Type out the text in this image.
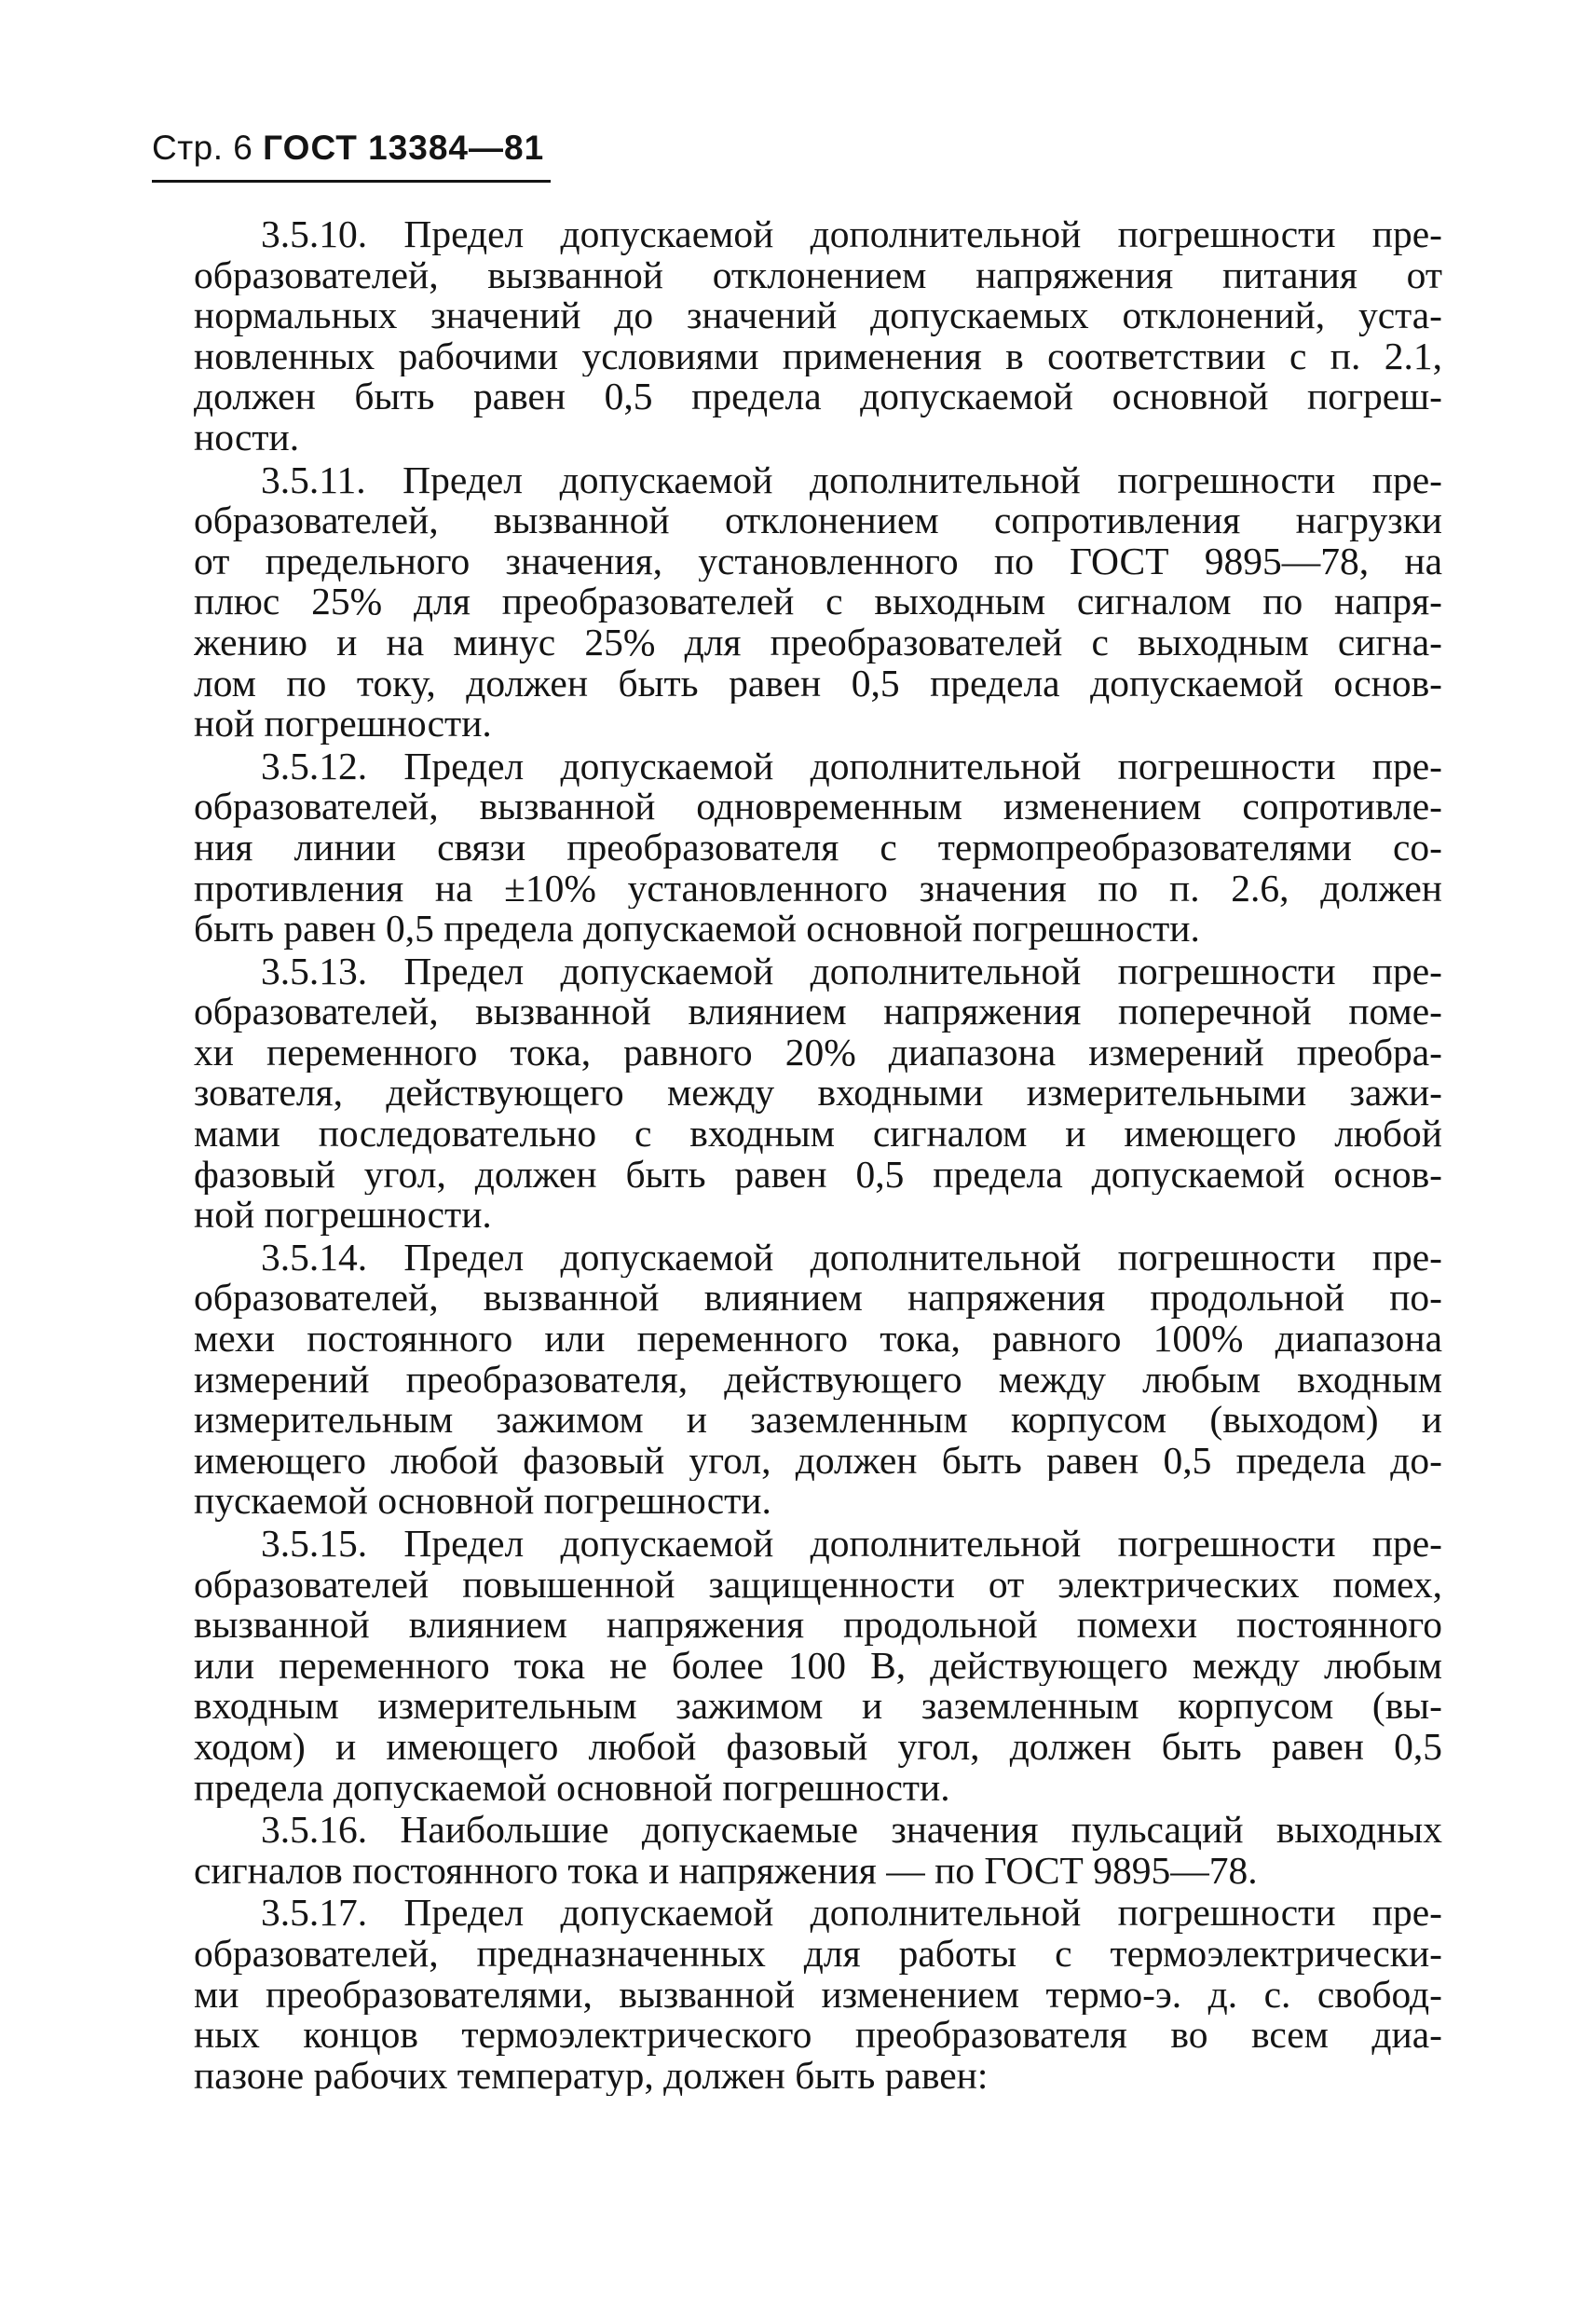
Стр. 6 ГОСТ 13384—81
3.5.10. Предел допускаемой дополнительной погрешности пре-
образователей, вызванной отклонением напряжения питания от
нормальных значений до значений допускаемых отклонений, уста-
новленных рабочими условиями применения в соответствии с п. 2.1,
должен быть равен 0,5 предела допускаемой основной погреш-
ности.
3.5.11. Предел допускаемой дополнительной погрешности пре-
образователей, вызванной отклонением сопротивления нагрузки
от предельного значения, установленного по ГОСТ 9895—78, на
плюс 25% для преобразователей с выходным сигналом по напря-
жению и на минус 25% для преобразователей с выходным сигна-
лом по току, должен быть равен 0,5 предела допускаемой основ-
ной погрешности.
3.5.12. Предел допускаемой дополнительной погрешности пре-
образователей, вызванной одновременным изменением сопротивле-
ния линии связи преобразователя с термопреобразователями со-
противления на ±10% установленного значения по п. 2.6, должен
быть равен 0,5 предела допускаемой основной погрешности.
3.5.13. Предел допускаемой дополнительной погрешности пре-
образователей, вызванной влиянием напряжения поперечной поме-
хи переменного тока, равного 20% диапазона измерений преобра-
зователя, действующего между входными измерительными зажи-
мами последовательно с входным сигналом и имеющего любой
фазовый угол, должен быть равен 0,5 предела допускаемой основ-
ной погрешности.
3.5.14. Предел допускаемой дополнительной погрешности пре-
образователей, вызванной влиянием напряжения продольной по-
мехи постоянного или переменного тока, равного 100% диапазона
измерений преобразователя, действующего между любым входным
измерительным зажимом и заземленным корпусом (выходом) и
имеющего любой фазовый угол, должен быть равен 0,5 предела до-
пускаемой основной погрешности.
3.5.15. Предел допускаемой дополнительной погрешности пре-
образователей повышенной защищенности от электрических помех,
вызванной влиянием напряжения продольной помехи постоянного
или переменного тока не более 100 В, действующего между любым
входным измерительным зажимом и заземленным корпусом (вы-
ходом) и имеющего любой фазовый угол, должен быть равен 0,5
предела допускаемой основной погрешности.
3.5.16. Наибольшие допускаемые значения пульсаций выходных
сигналов постоянного тока и напряжения — по ГОСТ 9895—78.
3.5.17. Предел допускаемой дополнительной погрешности пре-
образователей, предназначенных для работы с термоэлектрически-
ми преобразователями, вызванной изменением термо-э. д. с. свобод-
ных концов термоэлектрического преобразователя во всем диа-
пазоне рабочих температур, должен быть равен:
